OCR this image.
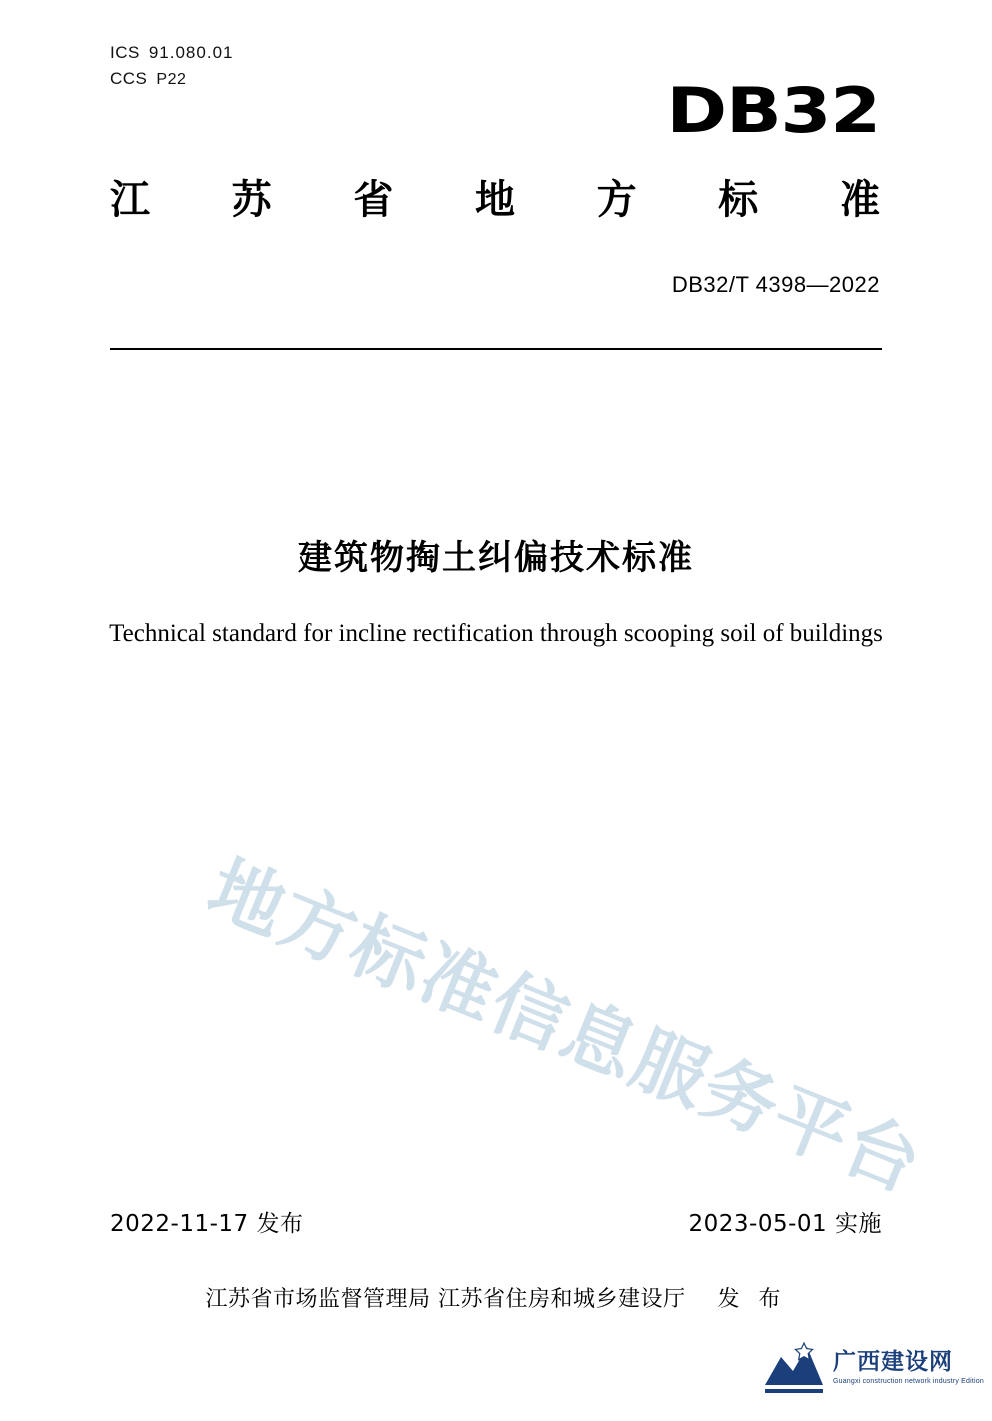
ICS 91.080.01
CCS P22	DB32
江 苏 省 地 方 标 准
DB32/T 4398—2022
建筑物掏土纠偏技术标准
Technical standard for incline rectification through scooping soil of buildings
地方标准信息服务平台
2022-11-17 发布	2023-05-01 实施
江苏省市场监督管理局 江苏省住房和城乡建设厅 发 布
广西建设网
Guangxi construction network industry Edition
